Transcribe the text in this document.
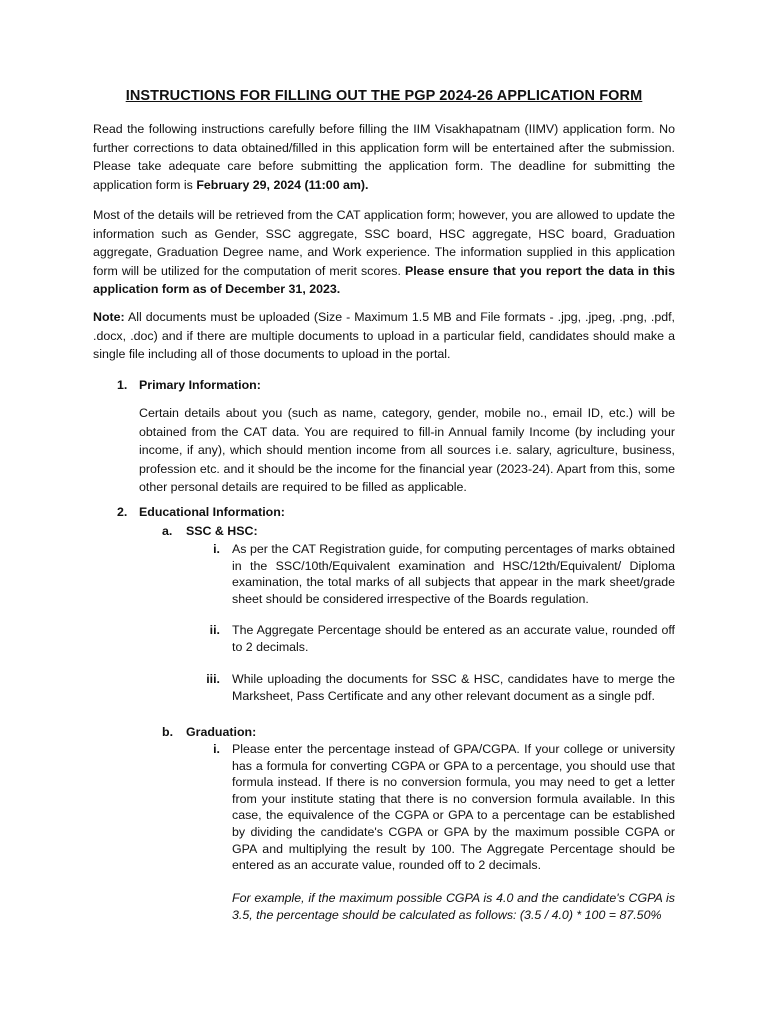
INSTRUCTIONS FOR FILLING OUT THE PGP 2024-26 APPLICATION FORM
Read the following instructions carefully before filling the IIM Visakhapatnam (IIMV) application form. No further corrections to data obtained/filled in this application form will be entertained after the submission. Please take adequate care before submitting the application form. The deadline for submitting the application form is February 29, 2024 (11:00 am).
Most of the details will be retrieved from the CAT application form; however, you are allowed to update the information such as Gender, SSC aggregate, SSC board, HSC aggregate, HSC board, Graduation aggregate, Graduation Degree name, and Work experience. The information supplied in this application form will be utilized for the computation of merit scores. Please ensure that you report the data in this application form as of December 31, 2023.
Note: All documents must be uploaded (Size - Maximum 1.5 MB and File formats - .jpg, .jpeg, .png, .pdf, .docx, .doc) and if there are multiple documents to upload in a particular field, candidates should make a single file including all of those documents to upload in the portal.
1. Primary Information:
Certain details about you (such as name, category, gender, mobile no., email ID, etc.) will be obtained from the CAT data. You are required to fill-in Annual family Income (by including your income, if any), which should mention income from all sources i.e. salary, agriculture, business, profession etc. and it should be the income for the financial year (2023-24). Apart from this, some other personal details are required to be filled as applicable.
2. Educational Information:
a. SSC & HSC:
i. As per the CAT Registration guide, for computing percentages of marks obtained in the SSC/10th/Equivalent examination and HSC/12th/Equivalent/ Diploma examination, the total marks of all subjects that appear in the mark sheet/grade sheet should be considered irrespective of the Boards regulation.
ii. The Aggregate Percentage should be entered as an accurate value, rounded off to 2 decimals.
iii. While uploading the documents for SSC & HSC, candidates have to merge the Marksheet, Pass Certificate and any other relevant document as a single pdf.
b. Graduation:
i. Please enter the percentage instead of GPA/CGPA. If your college or university has a formula for converting CGPA or GPA to a percentage, you should use that formula instead. If there is no conversion formula, you may need to get a letter from your institute stating that there is no conversion formula available. In this case, the equivalence of the CGPA or GPA to a percentage can be established by dividing the candidate's CGPA or GPA by the maximum possible CGPA or GPA and multiplying the result by 100. The Aggregate Percentage should be entered as an accurate value, rounded off to 2 decimals.
For example, if the maximum possible CGPA is 4.0 and the candidate's CGPA is 3.5, the percentage should be calculated as follows: (3.5 / 4.0) * 100 = 87.50%
